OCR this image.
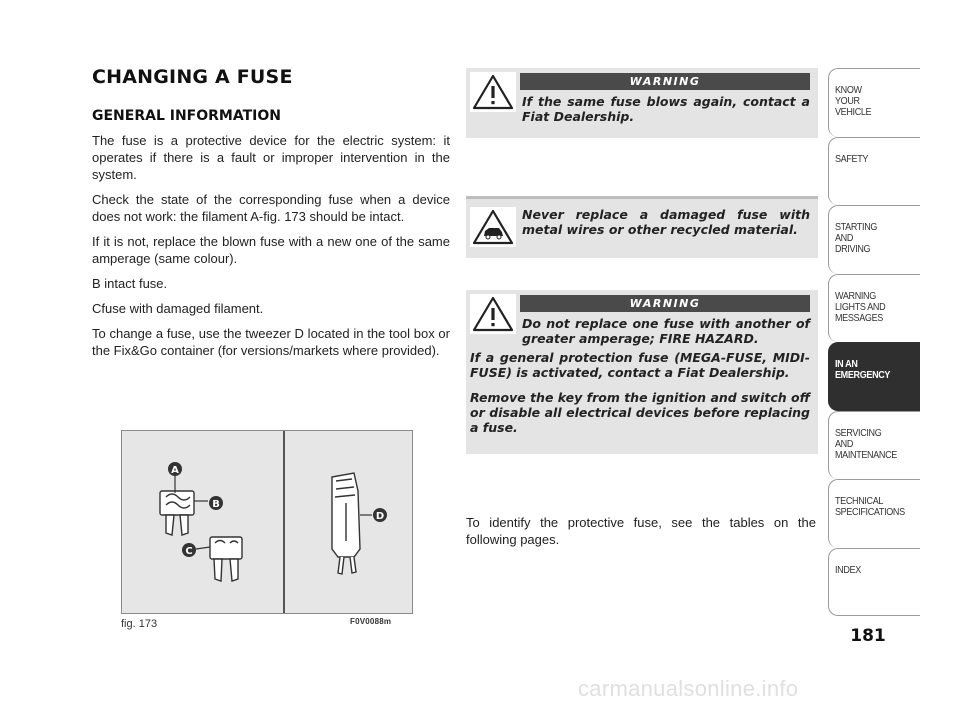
CHANGING A FUSE
GENERAL INFORMATION

The fuse is a protective device for the electric system: it operates if there is a fault or improper intervention in the system.

Check the state of the corresponding fuse when a device does not work: the filament A-fig. 173 should be intact.

If it is not, replace the blown fuse with a new one of the same amperage (same colour).

B intact fuse.

Cfuse with damaged filament.

To change a fuse, use the tweezer D located in the tool box or the Fix&Go container (for versions/markets where provided).

A
B
C
D
fig. 173	F0V0088m
WARNING
If the same fuse blows again, contact a Fiat Dealership.
Never replace a damaged fuse with metal wires or other recycled material.
WARNING
Do not replace one fuse with another of greater amperage; FIRE HAZARD.
If a general protection fuse (MEGA-FUSE, MIDI-FUSE) is activated, contact a Fiat Dealership.
Remove the key from the ignition and switch off or disable all electrical devices before replacing a fuse.

To identify the protective fuse, see the tables on the following pages.

KNOW
YOUR
VEHICLE
SAFETY
STARTING
AND
DRIVING
WARNING
LIGHTS AND
MESSAGES
IN AN
EMERGENCY
SERVICING
AND
MAINTENANCE
TECHNICAL
SPECIFICATIONS
INDEX
181
carmanualsonline.info
